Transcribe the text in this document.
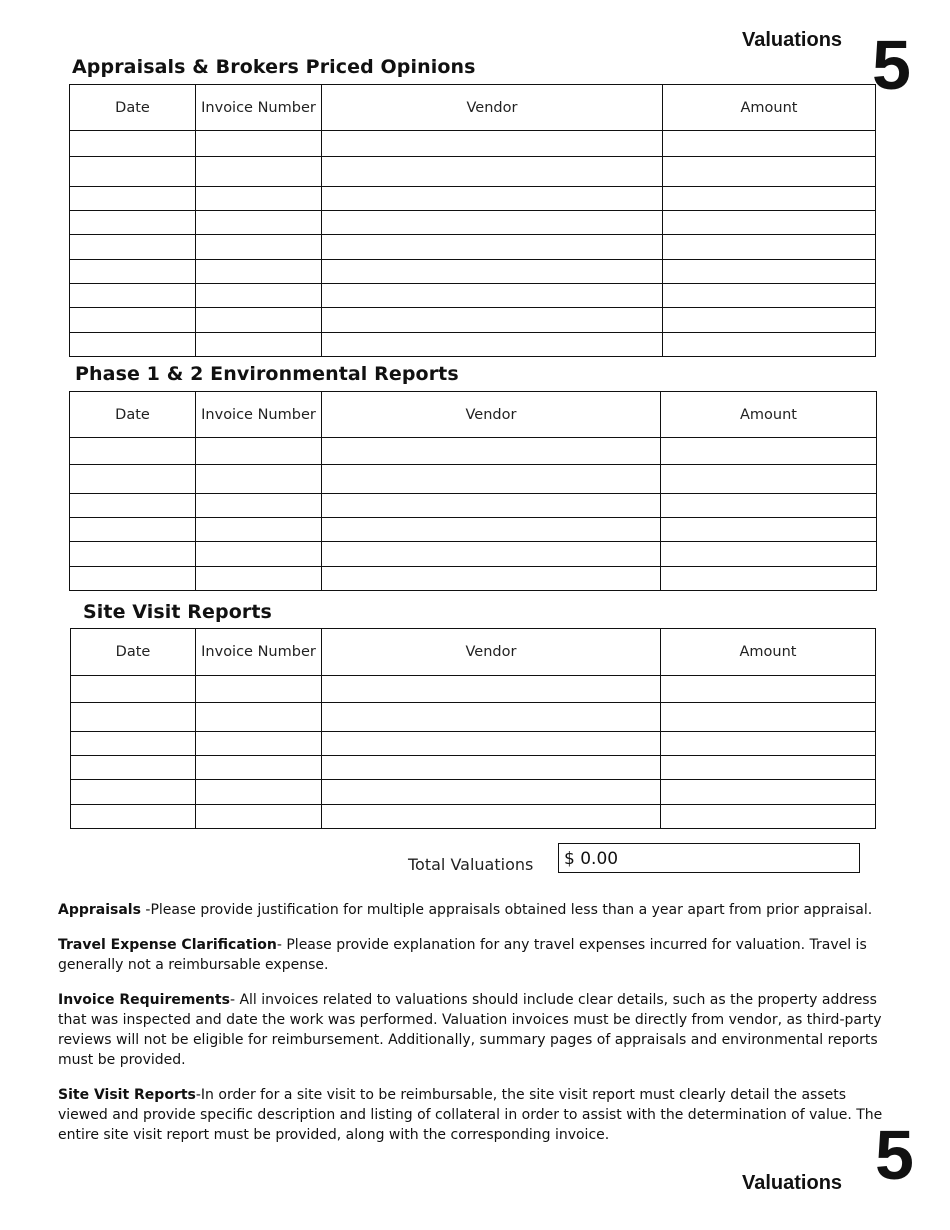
Valuations 5
Appraisals & Brokers Priced Opinions
Date	Invoice Number	Vendor	Amount

Phase 1 & 2 Environmental Reports
Date	Invoice Number	Vendor	Amount

Site Visit Reports
Date	Invoice Number	Vendor	Amount

Total Valuations	$ 0.00

Appraisals -Please provide justification for multiple appraisals obtained less than a year apart from prior appraisal.

Travel Expense Clarification- Please provide explanation for any travel expenses incurred for valuation. Travel is generally not a reimbursable expense.

Invoice Requirements- All invoices related to valuations should include clear details, such as the property address that was inspected and date the work was performed. Valuation invoices must be directly from vendor, as third-party reviews will not be eligible for reimbursement. Additionally, summary pages of appraisals and environmental reports must be provided.

Site Visit Reports-In order for a site visit to be reimbursable, the site visit report must clearly detail the assets viewed and provide specific description and listing of collateral in order to assist with the determination of value. The entire site visit report must be provided, along with the corresponding invoice.

Valuations 5
